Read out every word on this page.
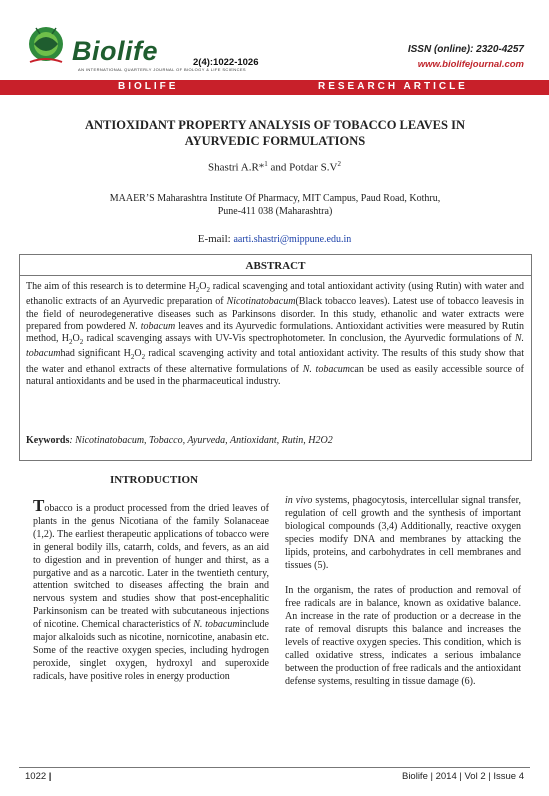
Biolife
AN INTERNATIONAL QUARTERLY JOURNAL OF BIOLOGY & LIFE SCIENCES
2(4):1022-1026
ISSN (online): 2320-4257
www.biolifejournal.com
BIOLIFE	RESEARCH ARTICLE
ANTIOXIDANT PROPERTY ANALYSIS OF TOBACCO LEAVES IN AYURVEDIC FORMULATIONS
Shastri A.R*$^1$ and Potdar $S.V^2$
MAAER’S Maharashtra Institute Of Pharmacy, MIT Campus, Paud Road, Kothru,
Pune-411 038 (Maharashtra)
E-mail: aarti.shastri@mippune.edu.in
ABSTRACT
The aim of this research is to determine $H_2O_2$ radical scavenging and total antioxidant activity (using Rutin) with water and ethanolic extracts of an Ayurvedic preparation of Nicotinatobacum(Black tobacco leaves). Latest use of tobacco leavesis in the field of neurodegenerative diseases such as Parkinsons disorder. In this study, ethanolic and water extracts were prepared from powdered N. tobacum leaves and its Ayurvedic formulations. Antioxidant activities were measured by Rutin method, $H_2O_2$ radical scavenging assays with UV-Vis spectrophotometer. In conclusion, the Ayurvedic formulations of N. tobacumhad significant $H_2O_2$ radical scavenging activity and total antioxidant activity. The results of this study show that the water and ethanol extracts of these alternative formulations of N. tobacumcan be used as easily accessible source of natural antioxidants and be used in the pharmaceutical industry.
Keywords: Nicotinatobacum, Tobacco, Ayurveda, Antioxidant, Rutin, H2O2
INTRODUCTION
Tobacco is a product processed from the dried leaves of plants in the genus Nicotiana of the family Solanaceae (1,2). The earliest therapeutic applications of tobacco were in general bodily ills, catarrh, colds, and fevers, as an aid to digestion and in prevention of hunger and thirst, as a purgative and as a narcotic. Later in the twentieth century, attention switched to diseases affecting the brain and nervous system and studies show that post-encephalitic Parkinsonism can be treated with subcutaneous injections of nicotine. Chemical characteristics of N. tobacuminclude major alkaloids such as nicotine, nornicotine, anabasin etc. Some of the reactive oxygen species, including hydrogen peroxide, singlet oxygen, hydroxyl and superoxide radicals, have positive roles in energy production

in vivo systems, phagocytosis, intercellular signal transfer, regulation of cell growth and the synthesis of important biological compounds (3,4) Additionally, reactive oxygen species modify DNA and membranes by attacking the lipids, proteins, and carbohydrates in cell membranes and tissues (5).

In the organism, the rates of production and removal of free radicals are in balance, known as oxidative balance. An increase in the rate of production or a decrease in the rate of removal disrupts this balance and increases the levels of reactive oxygen species. This condition, which is called oxidative stress, indicates a serious imbalance between the production of free radicals and the antioxidant defense systems, resulting in tissue damage (6).

1022 |	Biolife | 2014 | Vol 2 | Issue 4
